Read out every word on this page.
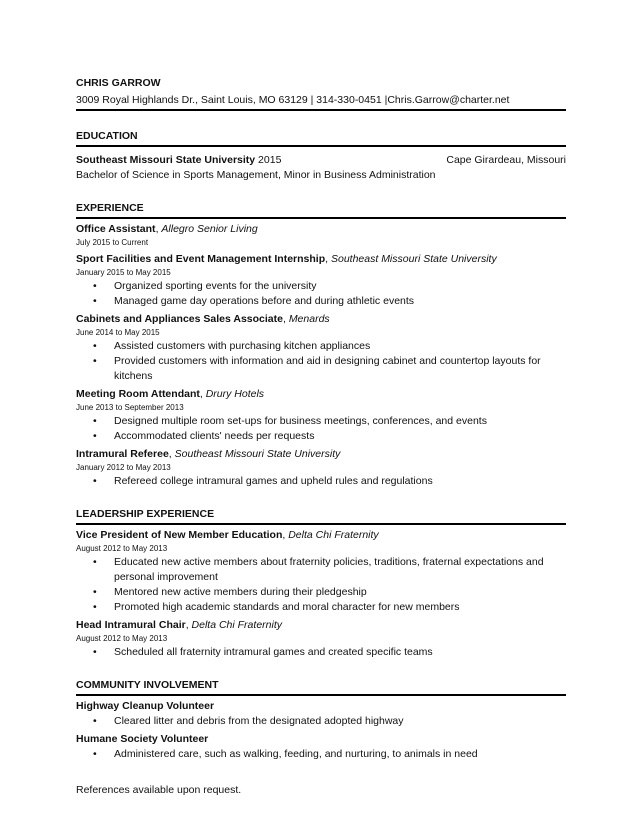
CHRIS GARROW
3009 Royal Highlands Dr., Saint Louis, MO 63129 | 314-330-0451 |Chris.Garrow@charter.net
EDUCATION
Southeast Missouri State University 2015	Cape Girardeau, Missouri
Bachelor of Science in Sports Management, Minor in Business Administration
EXPERIENCE
Office Assistant, Allegro Senior Living
July 2015 to Current
Sport Facilities and Event Management Internship, Southeast Missouri State University
January 2015 to May 2015
• Organized sporting events for the university
• Managed game day operations before and during athletic events
Cabinets and Appliances Sales Associate, Menards
June 2014 to May 2015
• Assisted customers with purchasing kitchen appliances
• Provided customers with information and aid in designing cabinet and countertop layouts for kitchens
Meeting Room Attendant, Drury Hotels
June 2013 to September 2013
• Designed multiple room set-ups for business meetings, conferences, and events
• Accommodated clients' needs per requests
Intramural Referee, Southeast Missouri State University
January 2012 to May 2013
• Refereed college intramural games and upheld rules and regulations
LEADERSHIP EXPERIENCE
Vice President of New Member Education, Delta Chi Fraternity
August 2012 to May 2013
• Educated new active members about fraternity policies, traditions, fraternal expectations and personal improvement
• Mentored new active members during their pledgeship
• Promoted high academic standards and moral character for new members
Head Intramural Chair, Delta Chi Fraternity
August 2012 to May 2013
• Scheduled all fraternity intramural games and created specific teams
COMMUNITY INVOLVEMENT
Highway Cleanup Volunteer
• Cleared litter and debris from the designated adopted highway
Humane Society Volunteer
• Administered care, such as walking, feeding, and nurturing, to animals in need
References available upon request.
